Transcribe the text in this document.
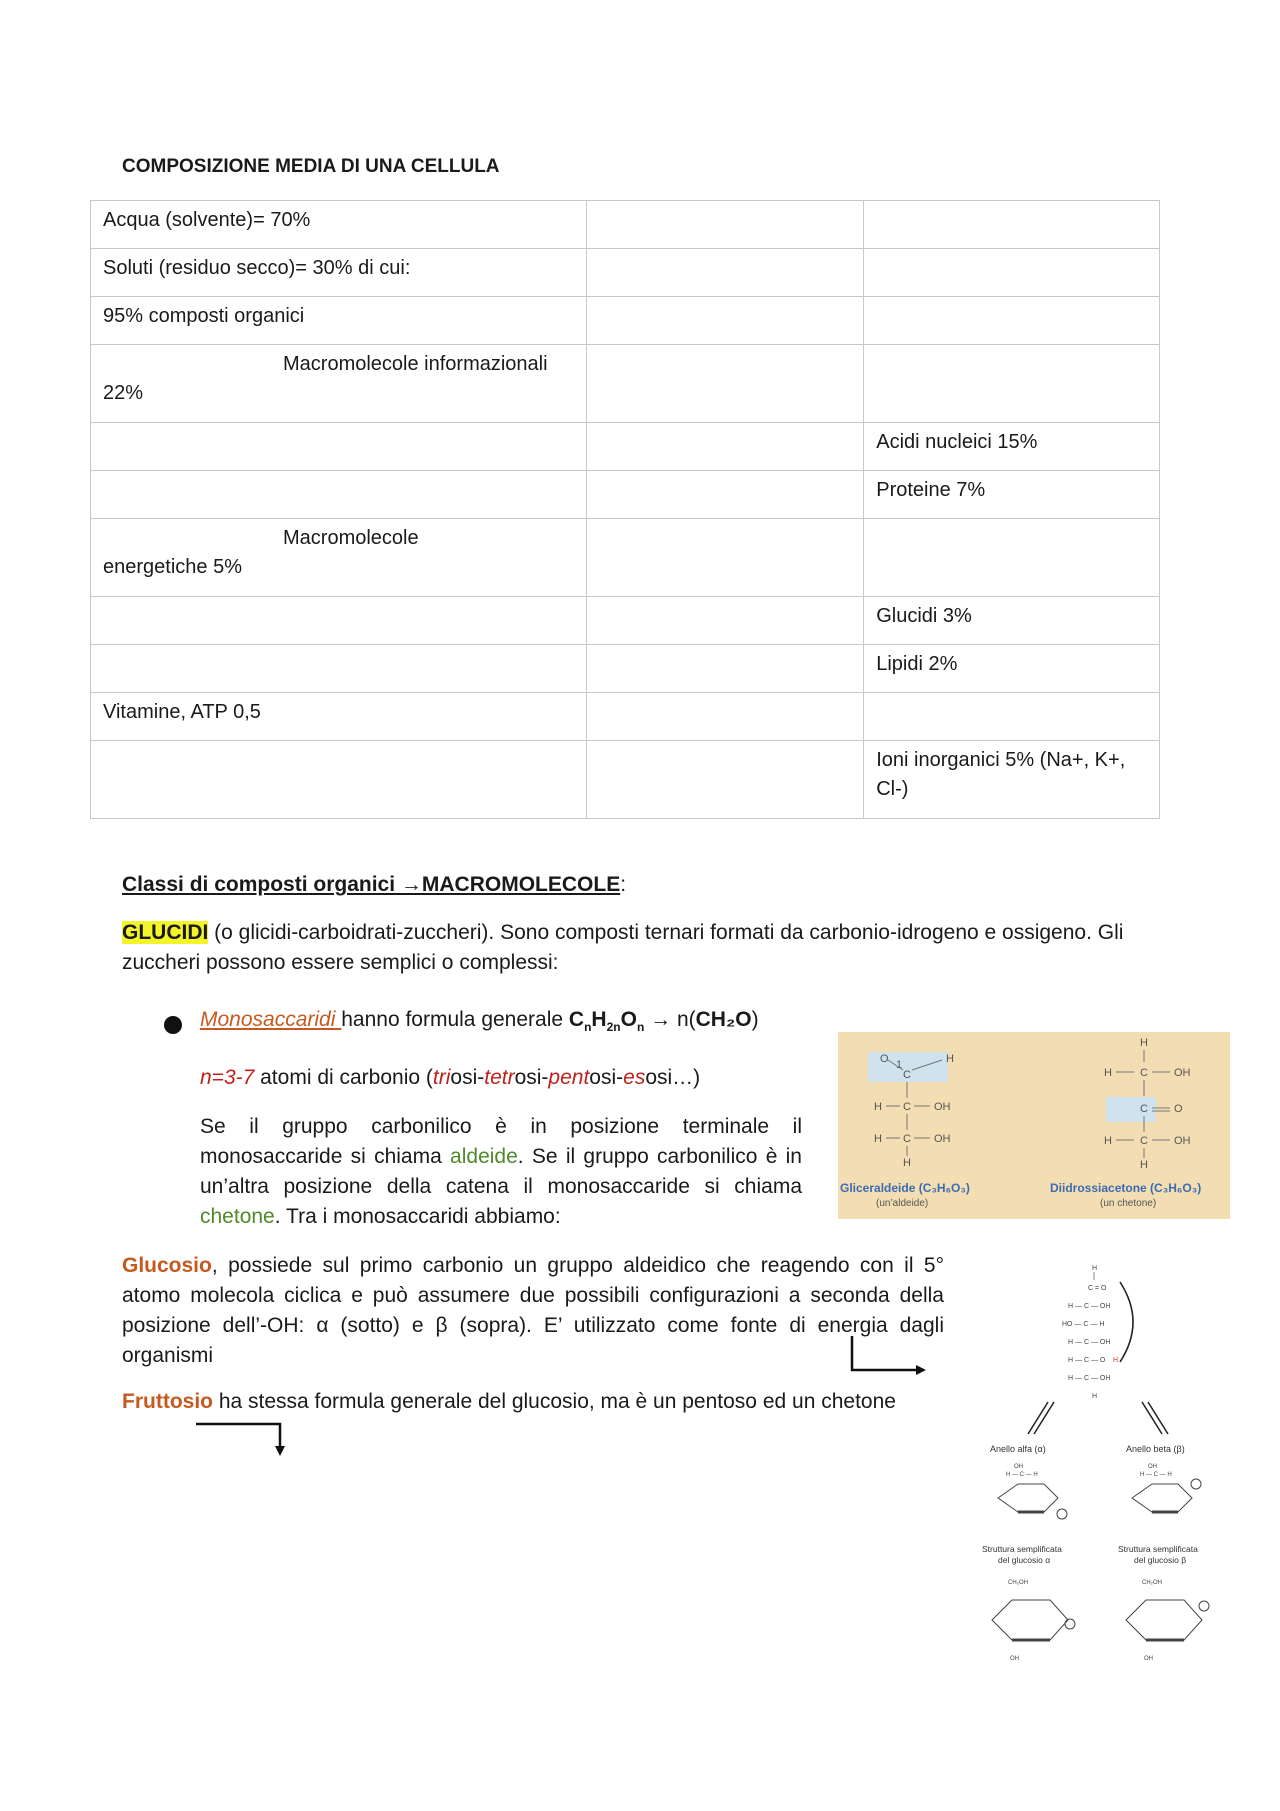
COMPOSIZIONE MEDIA DI UNA CELLULA
Acqua (solvente)= 70%		
Soluti (residuo secco)= 30% di cui:		
95% composti organici		

Macromolecole informazionali 22%		

		Acidi nucleici 15%
		Proteine 7%

Macromolecole energetiche 5%		

		Glucidi 3%
		Lipidi 2%
Vitamine, ATP 0,5		
		Ioni inorganici 5% (Na+, K+, Cl-)
Classi di composti organici →MACROMOLECOLE:
GLUCIDI (o glicidi-carboidrati-zuccheri). Sono composti ternari formati da carbonio-idrogeno e ossigeno. Gli zuccheri possono essere semplici o complessi:
Monosaccaridi hanno formula generale $C_nH_{2n}O_n \to n(CH_2O)$
n=3-7 atomi di carbonio (triosi-tetrosi-pentosi-esosi…)
Se il gruppo carbonilico è in posizione terminale il monosaccaride si chiama aldeide. Se il gruppo carbonilico è in un’altra posizione della catena il monosaccaride si chiama chetone. Tra i monosaccaridi abbiamo:
O 1
C
H
H C OH
H C OH
H
H
H	C OH
C O
H	C OH
H
Gliceraldeide (C₃H₆O₃)
(un’aldeide)
Diidrossiacetone (C₃H₆O₃)
(un chetone)
Glucosio, possiede sul primo carbonio un gruppo aldeidico che reagendo con il 5° atomo molecola ciclica e può assumere due possibili configurazioni a seconda della posizione dell’-OH: α (sotto) e β (sopra). E’ utilizzato come fonte di energia dagli organismi
Fruttosio ha stessa formula generale del glucosio, ma è un pentoso ed un chetone
H
C = O
H — C — OH
HO — C — H
H — C — OH
H — C — O H
H — C — OH
H
Anello alfa (α)	Anello beta (β)
OH
H — C — H
OH
H — C — H
Struttura semplificata
del glucosio α
Struttura semplificata
del glucosio β
CH₂OH	CH₂OH
OH	OH
